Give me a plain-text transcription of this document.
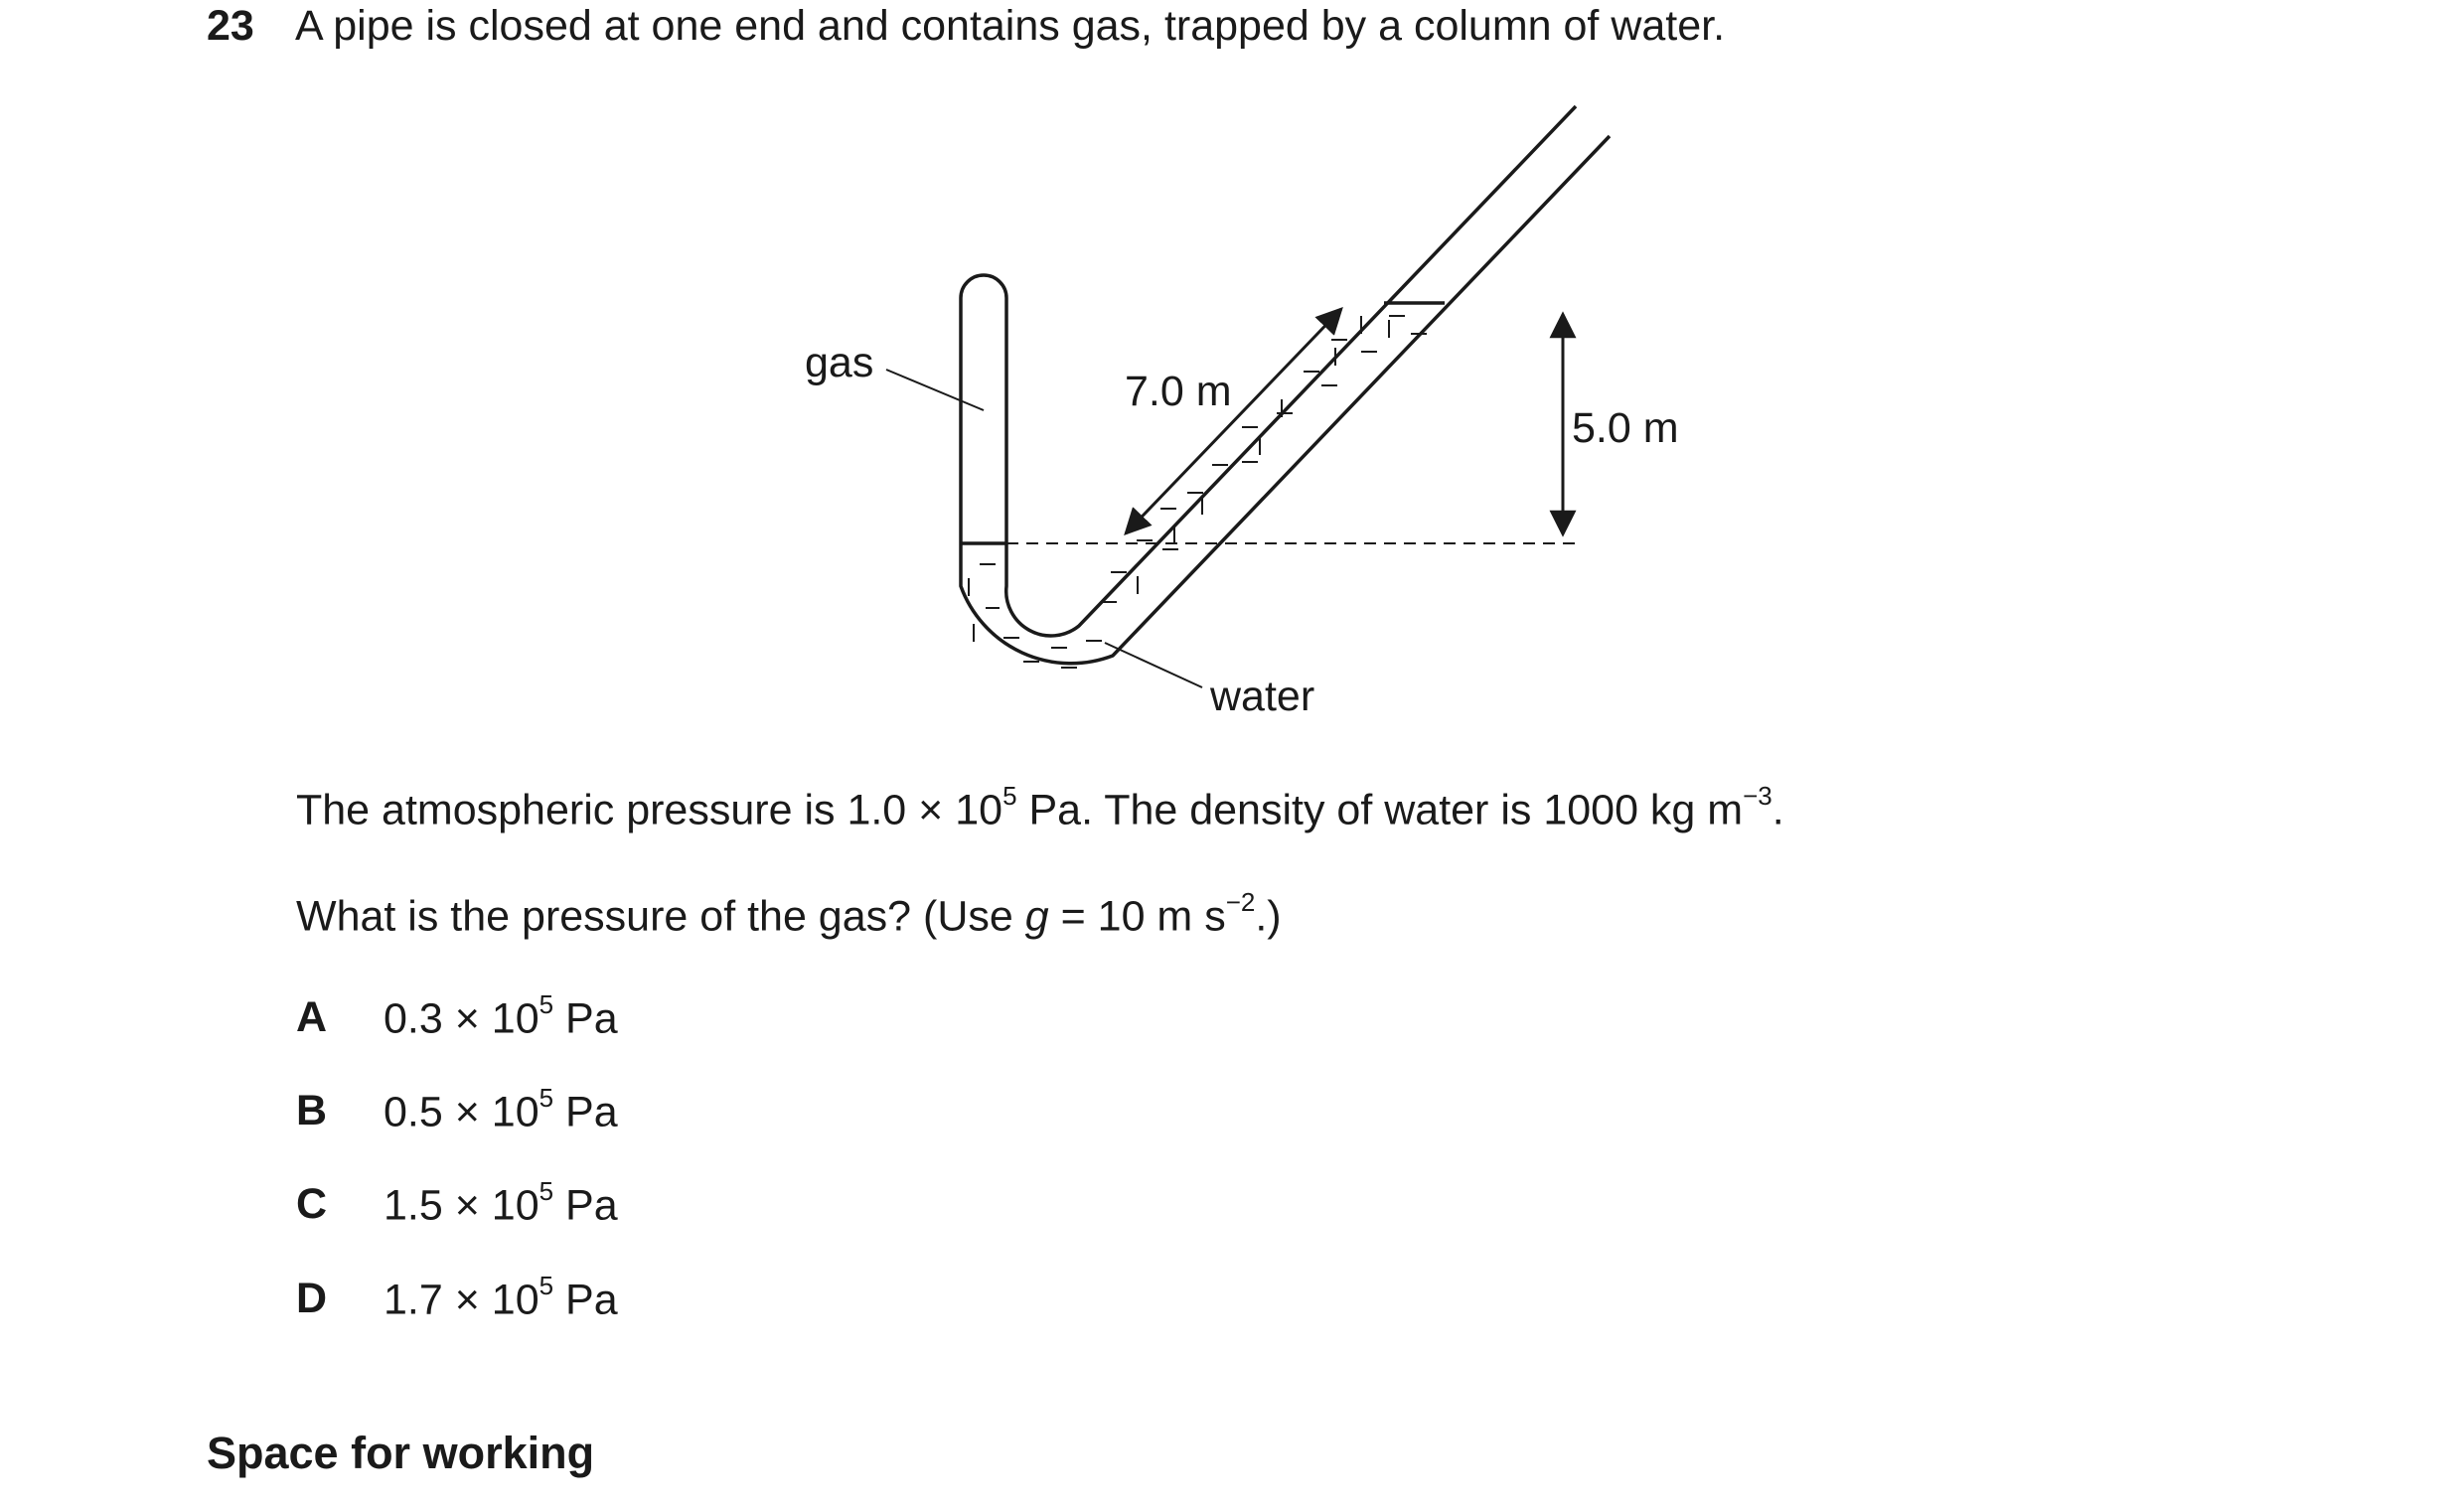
23 A pipe is closed at one end and contains gas, trapped by a column of water.
gas
water
7.0 m
5.0 m
The atmospheric pressure is $1.0 \times 10^5$ Pa. The density of water is 1000 kg $m^{-3}$.
What is the pressure of the gas? (Use g = 10 m $s^{-2}$.)
A $0.3 \times 10^5$ Pa
B $0.5 \times 10^5$ Pa
C $1.5 \times 10^5$ Pa
D $1.7 \times 10^5$ Pa
Space for working
